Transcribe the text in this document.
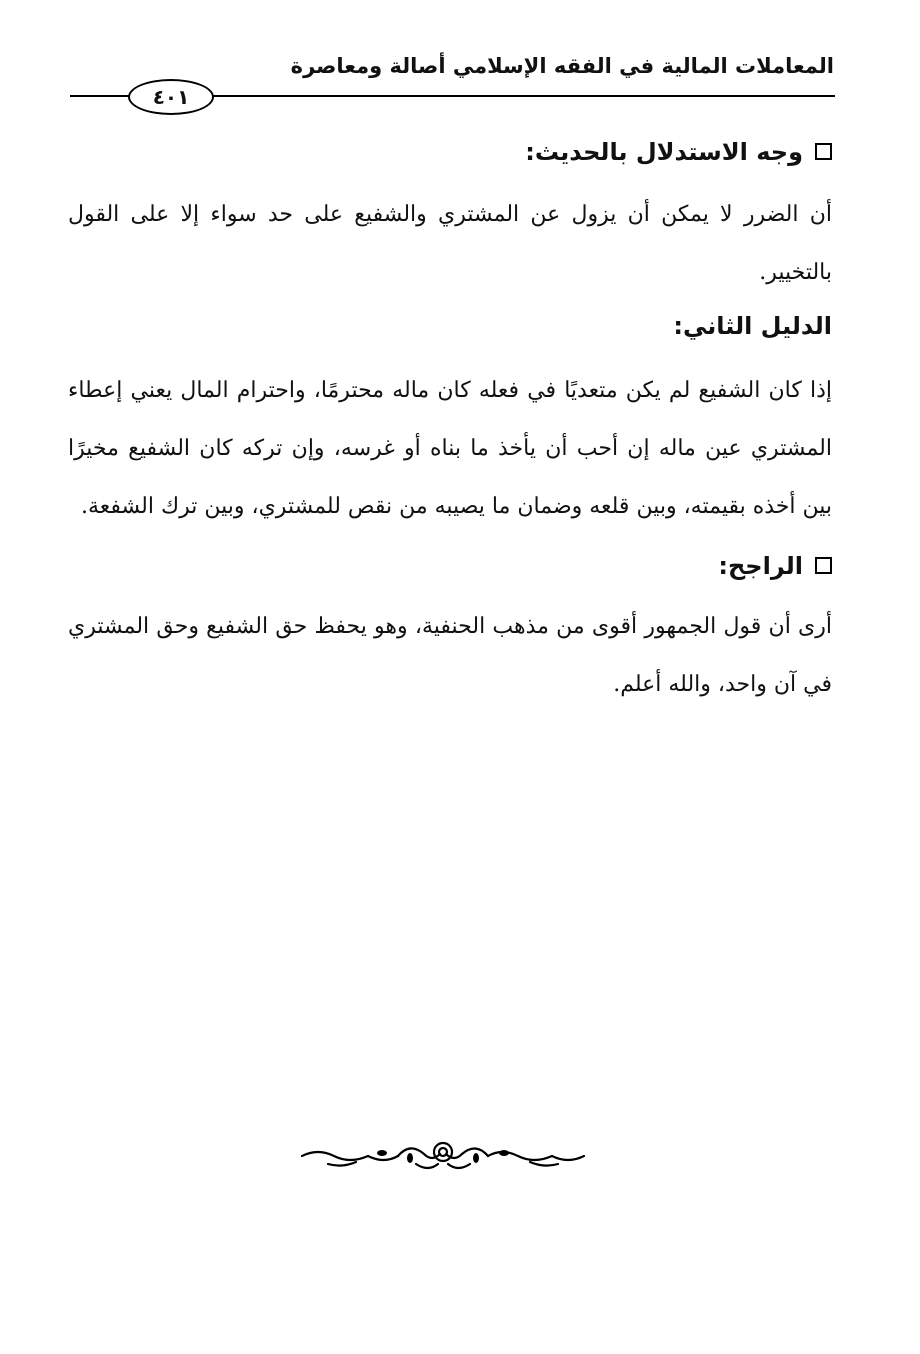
المعاملات المالية في الفقه الإسلامي أصالة ومعاصرة
٤٠١

وجه الاستدلال بالحديث:

أن الضرر لا يمكن أن يزول عن المشتري والشفيع على حد سواء إلا على القول بالتخيير.

الدليل الثاني:

إذا كان الشفيع لم يكن متعديًا في فعله كان ماله محترمًا، واحترام المال يعني إعطاء المشتري عين ماله إن أحب أن يأخذ ما بناه أو غرسه، وإن تركه كان الشفيع مخيرًا بين أخذه بقيمته، وبين قلعه وضمان ما يصيبه من نقص للمشتري، وبين ترك الشفعة.

الراجح:

أرى أن قول الجمهور أقوى من مذهب الحنفية، وهو يحفظ حق الشفيع وحق المشتري في آن واحد، والله أعلم.
